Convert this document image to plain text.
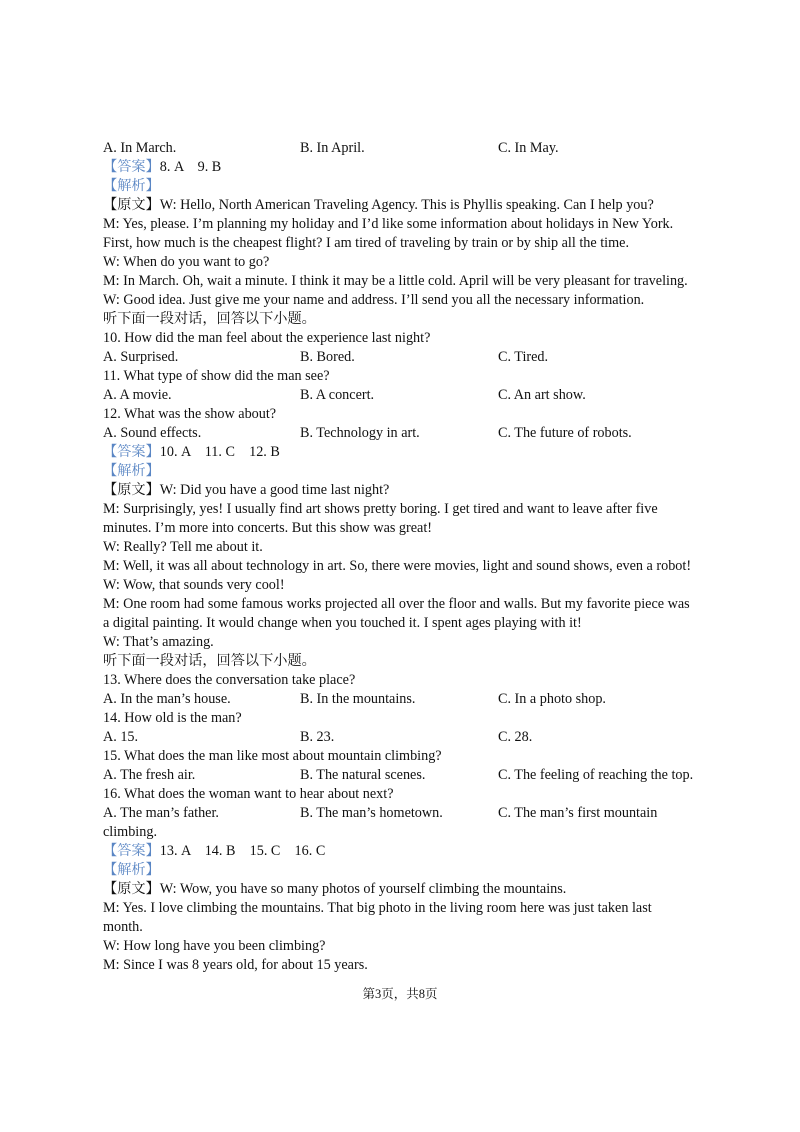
A. In March.	B. In April.	C. In May.
【答案】8. A    9. B
【解析】
【原文】W: Hello, North American Traveling Agency. This is Phyllis speaking. Can I help you?
M: Yes, please. I’m planning my holiday and I’d like some information about holidays in New York.
First, how much is the cheapest flight? I am tired of traveling by train or by ship all the time.
W: When do you want to go?
M: In March. Oh, wait a minute. I think it may be a little cold. April will be very pleasant for traveling.
W: Good idea. Just give me your name and address. I’ll send you all the necessary information.
听下面一段对话，回答以下小题。
10. How did the man feel about the experience last night?
A. Surprised.	B. Bored.	C. Tired.
11. What type of show did the man see?
A. A movie.	B. A concert.	C. An art show.
12. What was the show about?
A. Sound effects.	B. Technology in art.	C. The future of robots.
【答案】10. A    11. C    12. B
【解析】
【原文】W: Did you have a good time last night?
M: Surprisingly, yes! I usually find art shows pretty boring. I get tired and want to leave after five
minutes. I’m more into concerts. But this show was great!
W: Really? Tell me about it.
M: Well, it was all about technology in art. So, there were movies, light and sound shows, even a robot!
W: Wow, that sounds very cool!
M: One room had some famous works projected all over the floor and walls. But my favorite piece was
a digital painting. It would change when you touched it. I spent ages playing with it!
W: That’s amazing.
听下面一段对话，回答以下小题。
13. Where does the conversation take place?
A. In the man’s house.	B. In the mountains.	C. In a photo shop.
14. How old is the man?
A. 15.	B. 23.	C. 28.
15. What does the man like most about mountain climbing?
A. The fresh air.	B. The natural scenes.	C. The feeling of reaching the top.
16. What does the woman want to hear about next?
A. The man’s father.	B. The man’s hometown.	C. The man’s first mountain
climbing.
【答案】13. A    14. B    15. C    16. C
【解析】
【原文】W: Wow, you have so many photos of yourself climbing the mountains.
M: Yes. I love climbing the mountains. That big photo in the living room here was just taken last
month.
W: How long have you been climbing?
M: Since I was 8 years old, for about 15 years.
第3页，共8页
